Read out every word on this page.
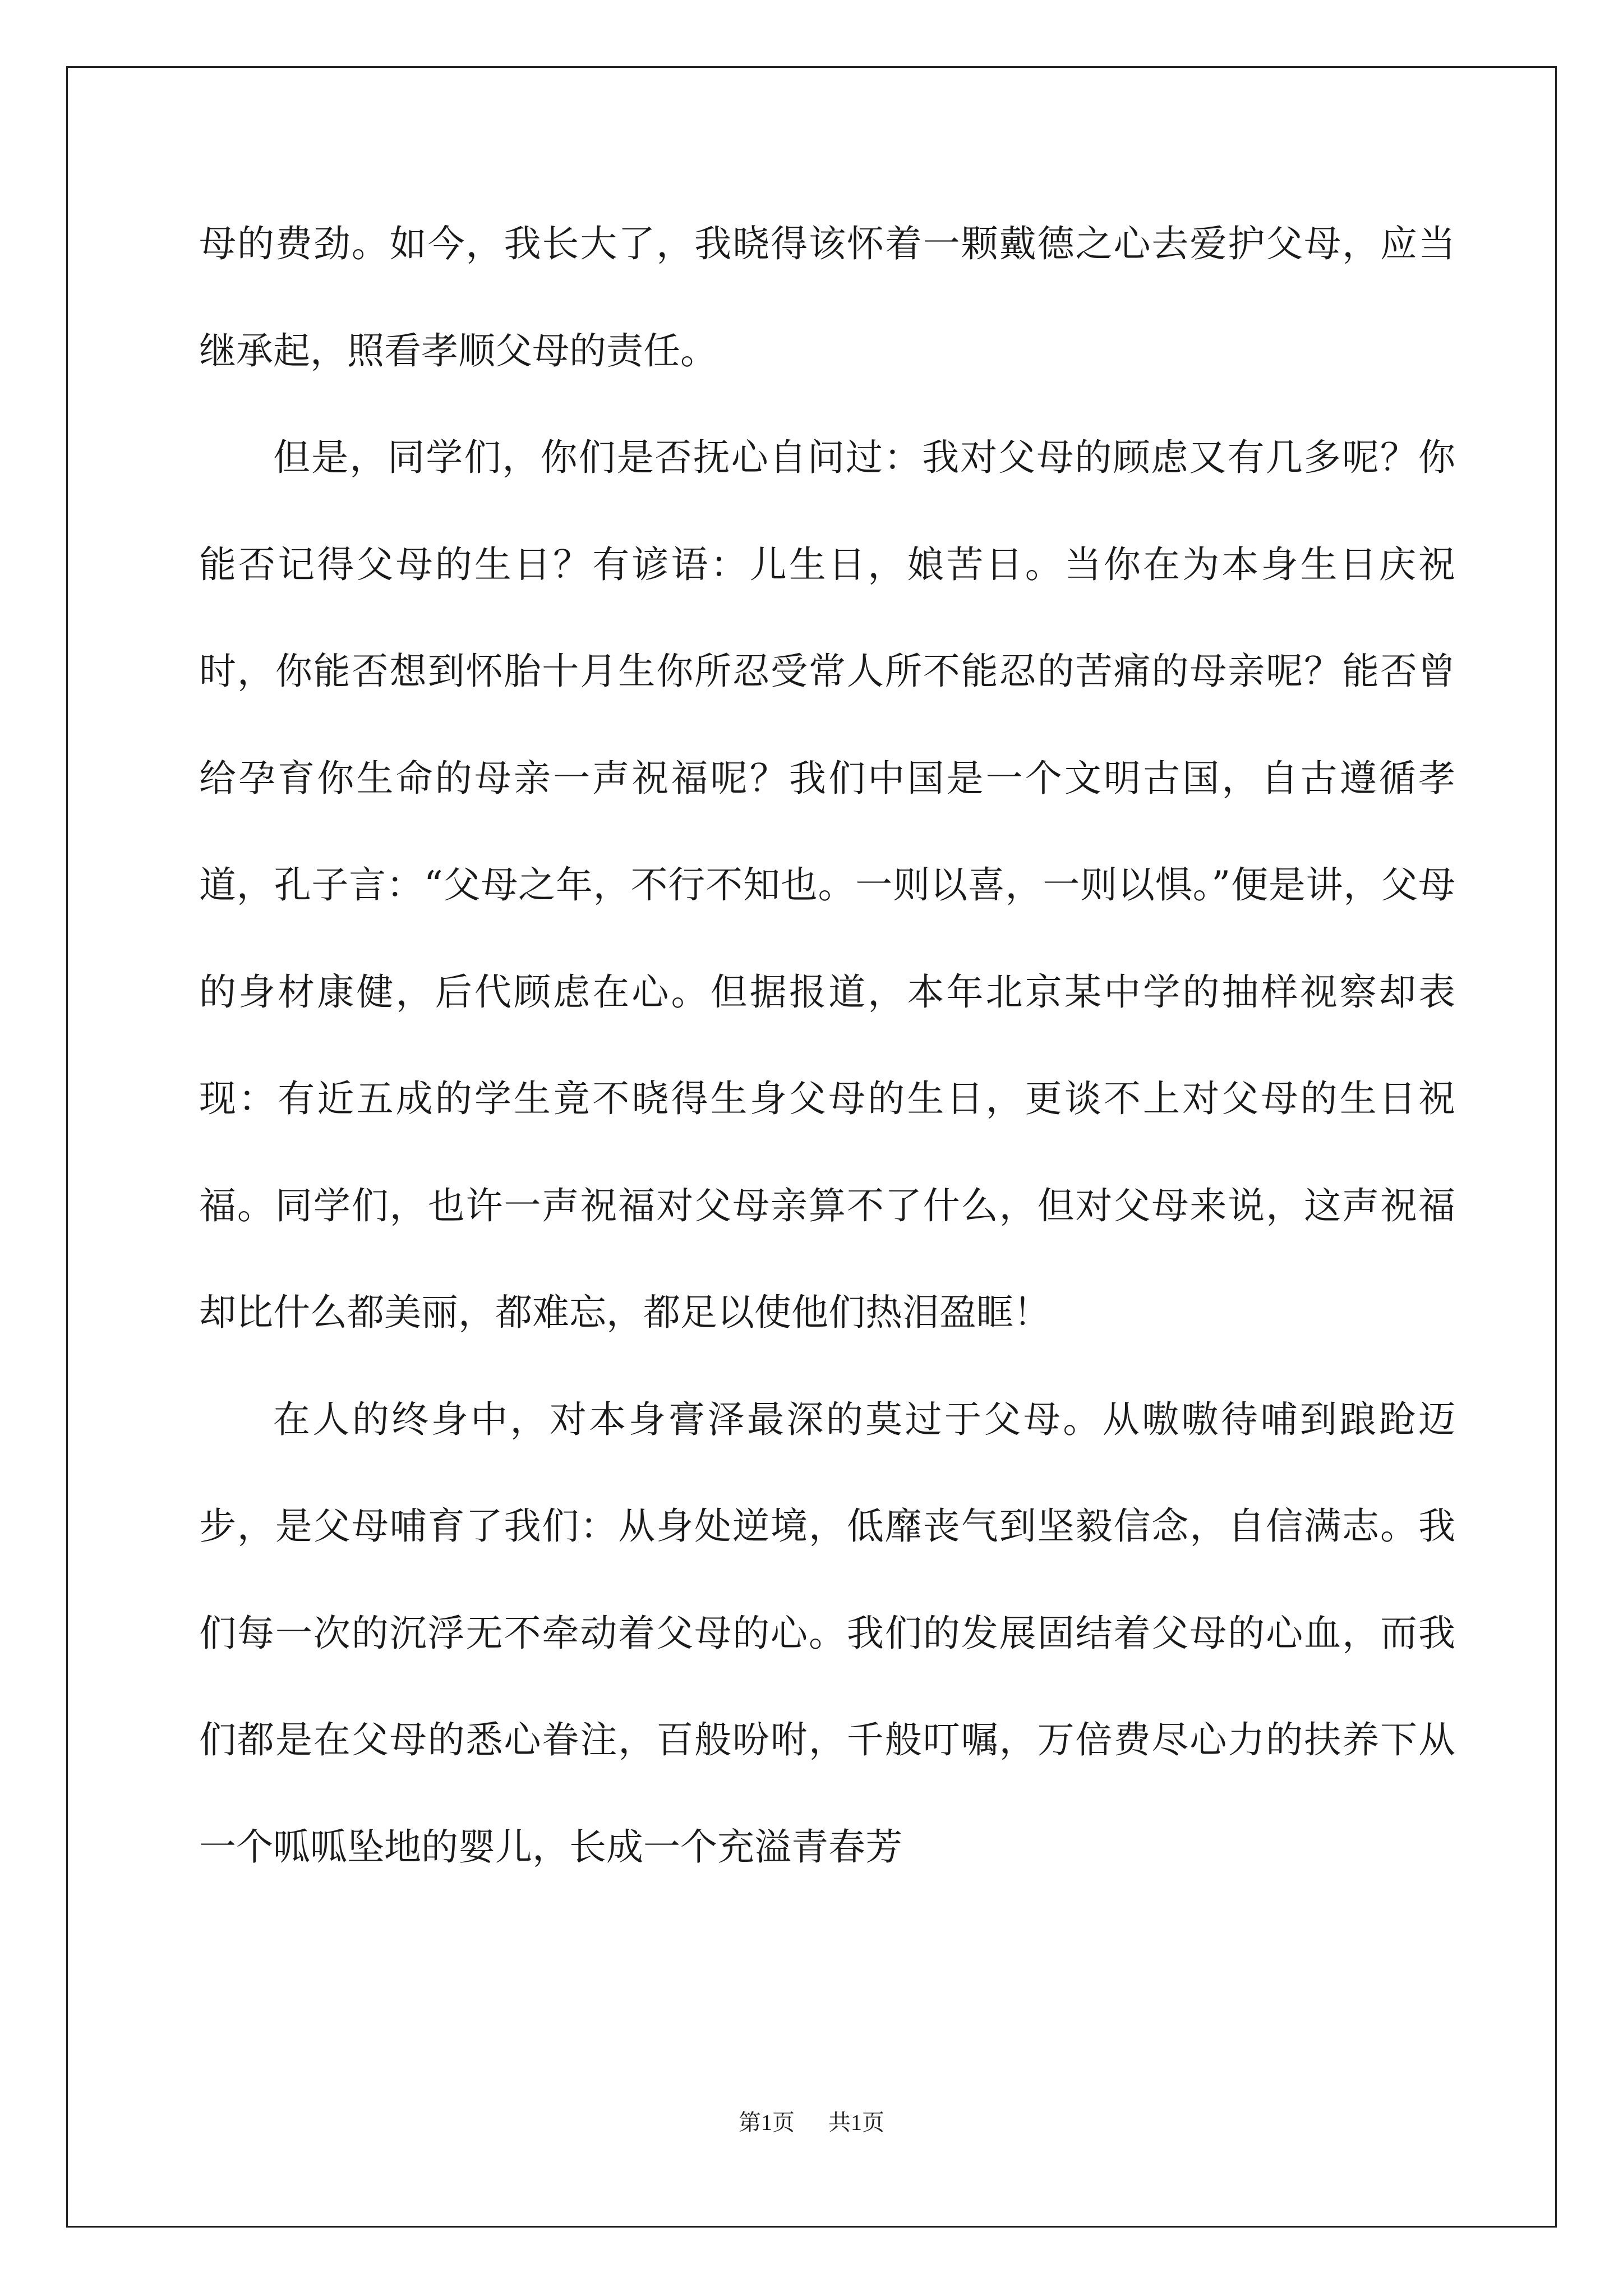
母的费劲。如今，我长大了，我晓得该怀着一颗戴德之心去爱护父母，应当继承起，照看孝顺父母的责任。

但是，同学们，你们是否抚心自问过：我对父母的顾虑又有几多呢？你能否记得父母的生日？有谚语：儿生日，娘苦日。当你在为本身生日庆祝时，你能否想到怀胎十月生你所忍受常人所不能忍的苦痛的母亲呢？能否曾给孕育你生命的母亲一声祝福呢？我们中国是一个文明古国，自古遵循孝道，孔子言：“父母之年，不行不知也。一则以喜，一则以惧。”便是讲，父母的身材康健，后代顾虑在心。但据报道，本年北京某中学的抽样视察却表现：有近五成的学生竟不晓得生身父母的生日，更谈不上对父母的生日祝福。同学们，也许一声祝福对父母亲算不了什么，但对父母来说，这声祝福却比什么都美丽，都难忘，都足以使他们热泪盈眶！

在人的终身中，对本身膏泽最深的莫过于父母。从嗷嗷待哺到踉跄迈步，是父母哺育了我们：从身处逆境，低靡丧气到坚毅信念，自信满志。我们每一次的沉浮无不牵动着父母的心。我们的发展固结着父母的心血，而我们都是在父母的悉心眷注，百般吩咐，千般叮嘱，万倍费尽心力的扶养下从一个呱呱坠地的婴儿，长成一个充溢青春芳

第1页 共1页
